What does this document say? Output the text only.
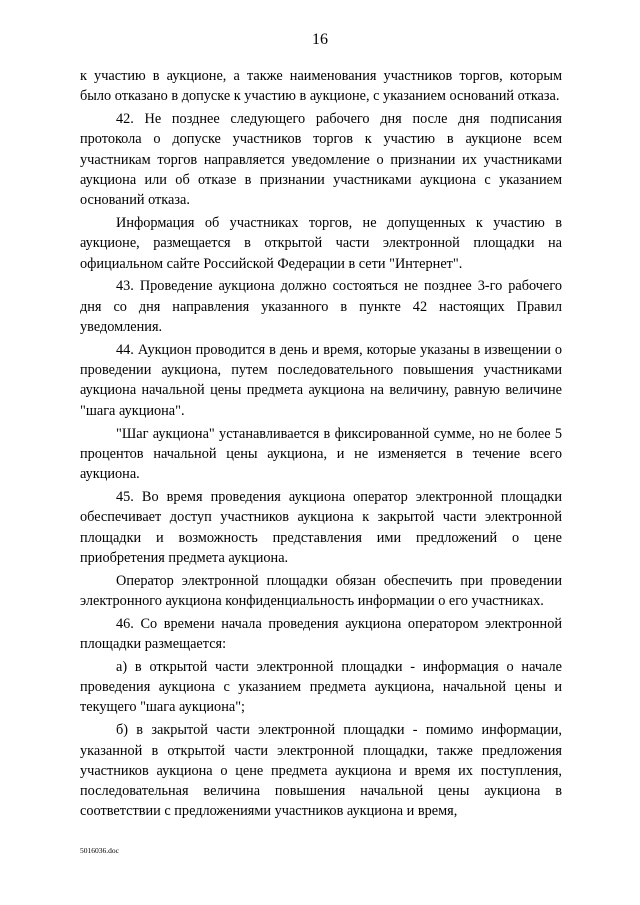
16

к участию в аукционе, а также наименования участников торгов, которым было отказано в допуске к участию в аукционе, с указанием оснований отказа.

42. Не позднее следующего рабочего дня после дня подписания протокола о допуске участников торгов к участию в аукционе всем участникам торгов направляется уведомление о признании их участниками аукциона или об отказе в признании участниками аукциона с указанием оснований отказа.

Информация об участниках торгов, не допущенных к участию в аукционе, размещается в открытой части электронной площадки на официальном сайте Российской Федерации в сети "Интернет".

43. Проведение аукциона должно состояться не позднее 3-го рабочего дня со дня направления указанного в пункте 42 настоящих Правил уведомления.

44. Аукцион проводится в день и время, которые указаны в извещении о проведении аукциона, путем последовательного повышения участниками аукциона начальной цены предмета аукциона на величину, равную величине "шага аукциона".

"Шаг аукциона" устанавливается в фиксированной сумме, но не более 5 процентов начальной цены аукциона, и не изменяется в течение всего аукциона.

45. Во время проведения аукциона оператор электронной площадки обеспечивает доступ участников аукциона к закрытой части электронной площадки и возможность представления ими предложений о цене приобретения предмета аукциона.

Оператор электронной площадки обязан обеспечить при проведении электронного аукциона конфиденциальность информации о его участниках.

46. Со времени начала проведения аукциона оператором электронной площадки размещается:

а) в открытой части электронной площадки - информация о начале проведения аукциона с указанием предмета аукциона, начальной цены и текущего "шага аукциона";

б) в закрытой части электронной площадки - помимо информации, указанной в открытой части электронной площадки, также предложения участников аукциона о цене предмета аукциона и время их поступления, последовательная величина повышения начальной цены аукциона в соответствии с предложениями участников аукциона и время,

5016036.doc
